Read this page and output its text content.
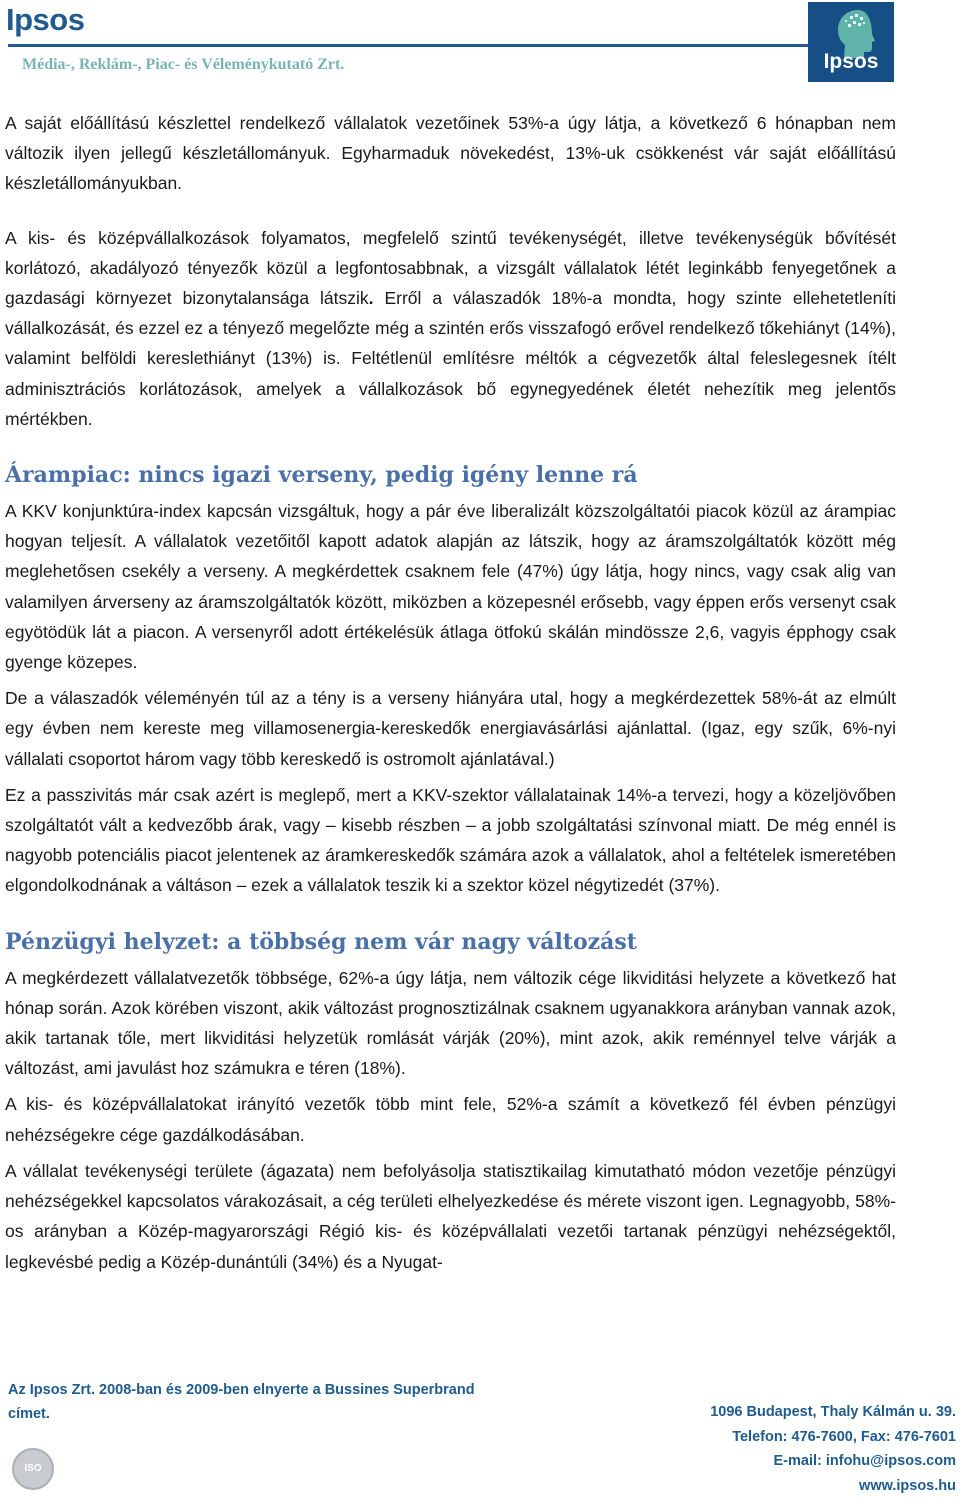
Ipsos
Média-, Reklám-, Piac- és Véleménykutató Zrt.	Ipsos

A saját előállítású készlettel rendelkező vállalatok vezetőinek 53%-a úgy látja, a következő 6 hónapban nem változik ilyen jellegű készletállományuk. Egyharmaduk növekedést, 13%-uk csökkenést vár saját előállítású készletállományukban.

A kis- és középvállalkozások folyamatos, megfelelő szintű tevékenységét, illetve tevékenységük bővítését korlátozó, akadályozó tényezők közül a legfontosabbnak, a vizsgált vállalatok létét leginkább fenyegetőnek a gazdasági környezet bizonytalansága látszik. Erről a válaszadók 18%-a mondta, hogy szinte ellehetetleníti vállalkozását, és ezzel ez a tényező megelőzte még a szintén erős visszafogó erővel rendelkező tőkehiányt (14%), valamint belföldi kereslethiányt (13%) is. Feltétlenül említésre méltók a cégvezetők által feleslegesnek ítélt adminisztrációs korlátozások, amelyek a vállalkozások bő egynegyedének életét nehezítik meg jelentős mértékben.

Árampiac: nincs igazi verseny, pedig igény lenne rá

A KKV konjunktúra-index kapcsán vizsgáltuk, hogy a pár éve liberalizált közszolgáltatói piacok közül az árampiac hogyan teljesít. A vállalatok vezetőitől kapott adatok alapján az látszik, hogy az áramszolgáltatók között még meglehetősen csekély a verseny. A megkérdettek csaknem fele (47%) úgy látja, hogy nincs, vagy csak alig van valamilyen árverseny az áramszolgáltatók között, miközben a közepesnél erősebb, vagy éppen erős versenyt csak egyötödük lát a piacon. A versenyről adott értékelésük átlaga ötfokú skálán mindössze 2,6, vagyis épphogy csak gyenge közepes.

De a válaszadók véleményén túl az a tény is a verseny hiányára utal, hogy a megkérdezettek 58%-át az elmúlt egy évben nem kereste meg villamosenergia-kereskedők energiavásárlási ajánlattal. (Igaz, egy szűk, 6%-nyi vállalati csoportot három vagy több kereskedő is ostromolt ajánlatával.)

Ez a passzivitás már csak azért is meglepő, mert a KKV-szektor vállalatainak 14%-a tervezi, hogy a közeljövőben szolgáltatót vált a kedvezőbb árak, vagy – kisebb részben – a jobb szolgáltatási színvonal miatt. De még ennél is nagyobb potenciális piacot jelentenek az áramkereskedők számára azok a vállalatok, ahol a feltételek ismeretében elgondolkodnának a váltáson – ezek a vállalatok teszik ki a szektor közel négytizedét (37%).

Pénzügyi helyzet: a többség nem vár nagy változást

A megkérdezett vállalatvezetők többsége, 62%-a úgy látja, nem változik cége likviditási helyzete a következő hat hónap során. Azok körében viszont, akik változást prognosztizálnak csaknem ugyanakkora arányban vannak azok, akik tartanak tőle, mert likviditási helyzetük romlását várják (20%), mint azok, akik reménnyel telve várják a változást, ami javulást hoz számukra e téren (18%).

A kis- és középvállalatokat irányító vezetők több mint fele, 52%-a számít a következő fél évben pénzügyi nehézségekre cége gazdálkodásában.

A vállalat tevékenységi területe (ágazata) nem befolyásolja statisztikailag kimutatható módon vezetője pénzügyi nehézségekkel kapcsolatos várakozásait, a cég területi elhelyezkedése és mérete viszont igen. Legnagyobb, 58%-os arányban a Közép-magyarországi Régió kis- és középvállalati vezetői tartanak pénzügyi nehézségektől, legkevésbé pedig a Közép-dunántúli (34%) és a Nyugat-

Az Ipsos Zrt. 2008-ban és 2009-ben elnyerte a Bussines Superbrand
címet.
ISO
1096 Budapest, Thaly Kálmán u. 39.
Telefon: 476-7600, Fax: 476-7601
E-mail: infohu@ipsos.com
www.ipsos.hu
